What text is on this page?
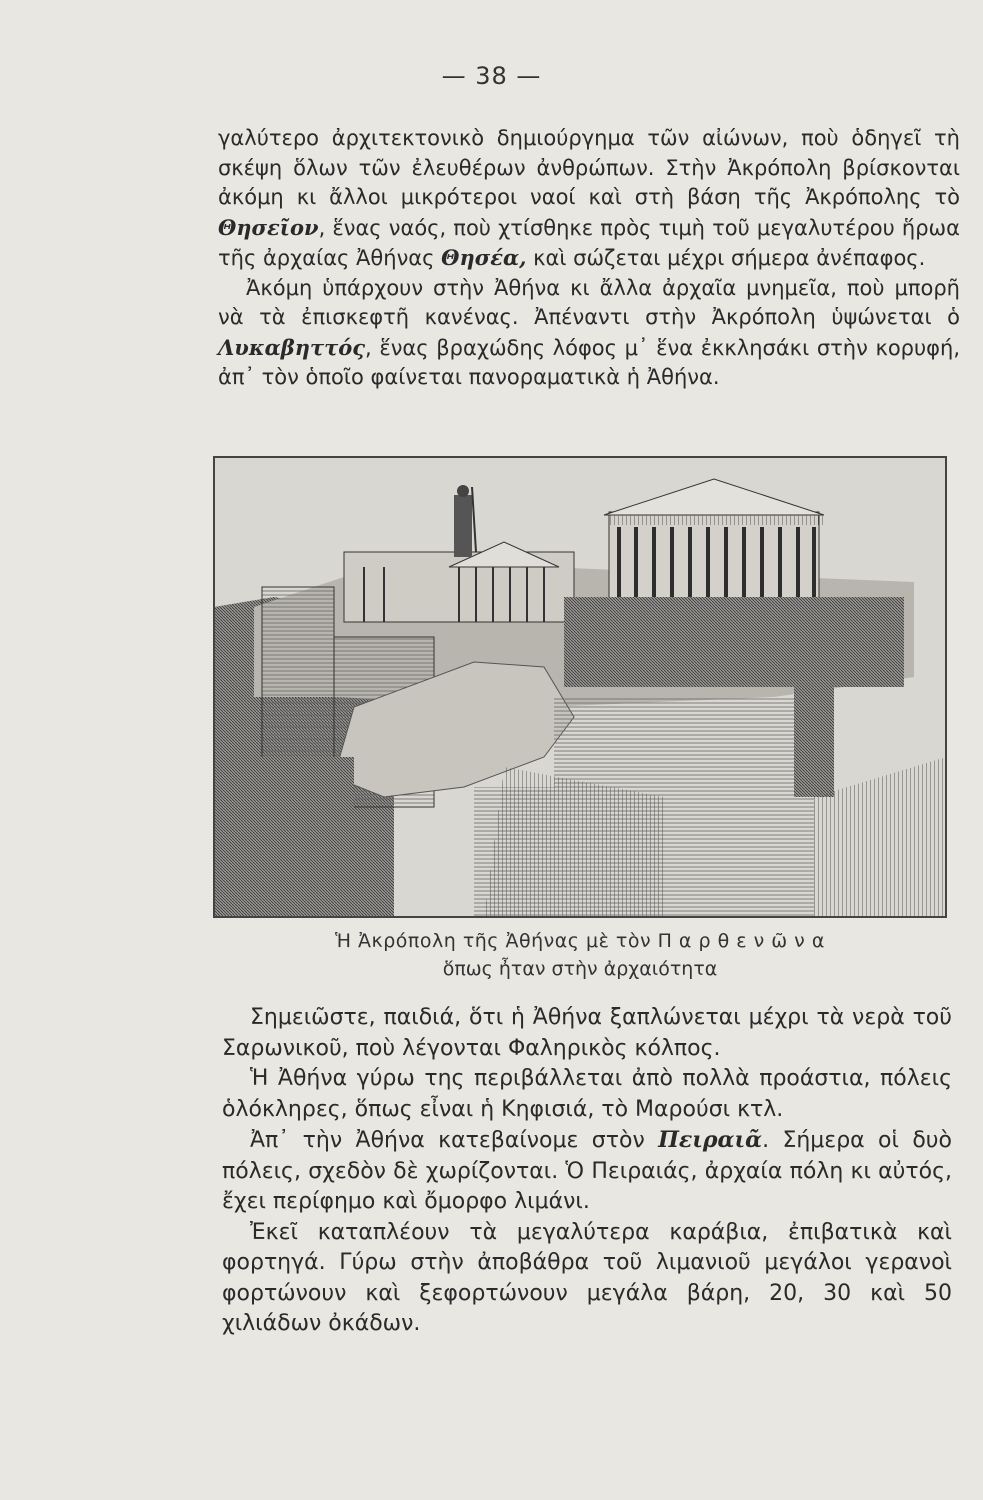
— 38 —

γαλύτερο ἀρχιτεκτονικὸ δημιούργημα τῶν αἰώνων, ποὺ ὁδηγεῖ τὴ σκέψη ὅλων τῶν ἐλευθέρων ἀνθρώπων. Στὴν Ἀκρόπολη βρίσκονται ἀκόμη κι ἄλλοι μικρότεροι ναοί καὶ στὴ βάση τῆς Ἀκρόπολης τὸ Θησεῖον, ἕνας ναός, ποὺ χτίσθηκε πρὸς τιμὴ τοῦ μεγαλυτέρου ἥρωα τῆς ἀρχαίας Ἀθήνας Θησέα, καὶ σώζεται μέχρι σήμερα ἀνέπαφος.

Ἀκόμη ὑπάρχουν στὴν Ἀθήνα κι ἄλλα ἀρχαῖα μνημεῖα, ποὺ μπορῆ νὰ τὰ ἐπισκεφτῆ κανένας. Ἀπέναντι στὴν Ἀκρόπολη ὑψώνεται ὁ Λυκαβηττός, ἕνας βραχώδης λόφος μ᾿ ἕνα ἐκκλησάκι στὴν κορυφή, ἀπ᾿ τὸν ὁποῖο φαίνεται πανοραματικὰ ἡ Ἀθήνα.

Ἡ Ἀκρόπολη τῆς Ἀθήνας μὲ τὸν Π α ρ θ ε ν ῶ ν α
ὅπως ἦταν στὴν ἀρχαιότητα

Σημειῶστε, παιδιά, ὅτι ἡ Ἀθήνα ξαπλώνεται μέχρι τὰ νερὰ τοῦ Σαρωνικοῦ, ποὺ λέγονται Φαληρικὸς κόλπος.

Ἡ Ἀθήνα γύρω της περιβάλλεται ἀπὸ πολλὰ προάστια, πόλεις ὁλόκληρες, ὅπως εἶναι ἡ Κηφισιά, τὸ Μαρούσι κτλ.

Ἀπ᾿ τὴν Ἀθήνα κατεβαίνομε στὸν Πειραιᾶ. Σήμερα οἱ δυὸ πόλεις, σχεδὸν δὲ χωρίζονται. Ὁ Πειραιάς, ἀρχαία πόλη κι αὐτός, ἔχει περίφημο καὶ ὄμορφο λιμάνι.

Ἐκεῖ καταπλέουν τὰ μεγαλύτερα καράβια, ἐπιβατικὰ καὶ φορτηγά. Γύρω στὴν ἀποβάθρα τοῦ λιμανιοῦ μεγάλοι γερανοὶ φορτώνουν καὶ ξεφορτώνουν μεγάλα βάρη, 20, 30 καὶ 50 χιλιάδων ὀκάδων.
